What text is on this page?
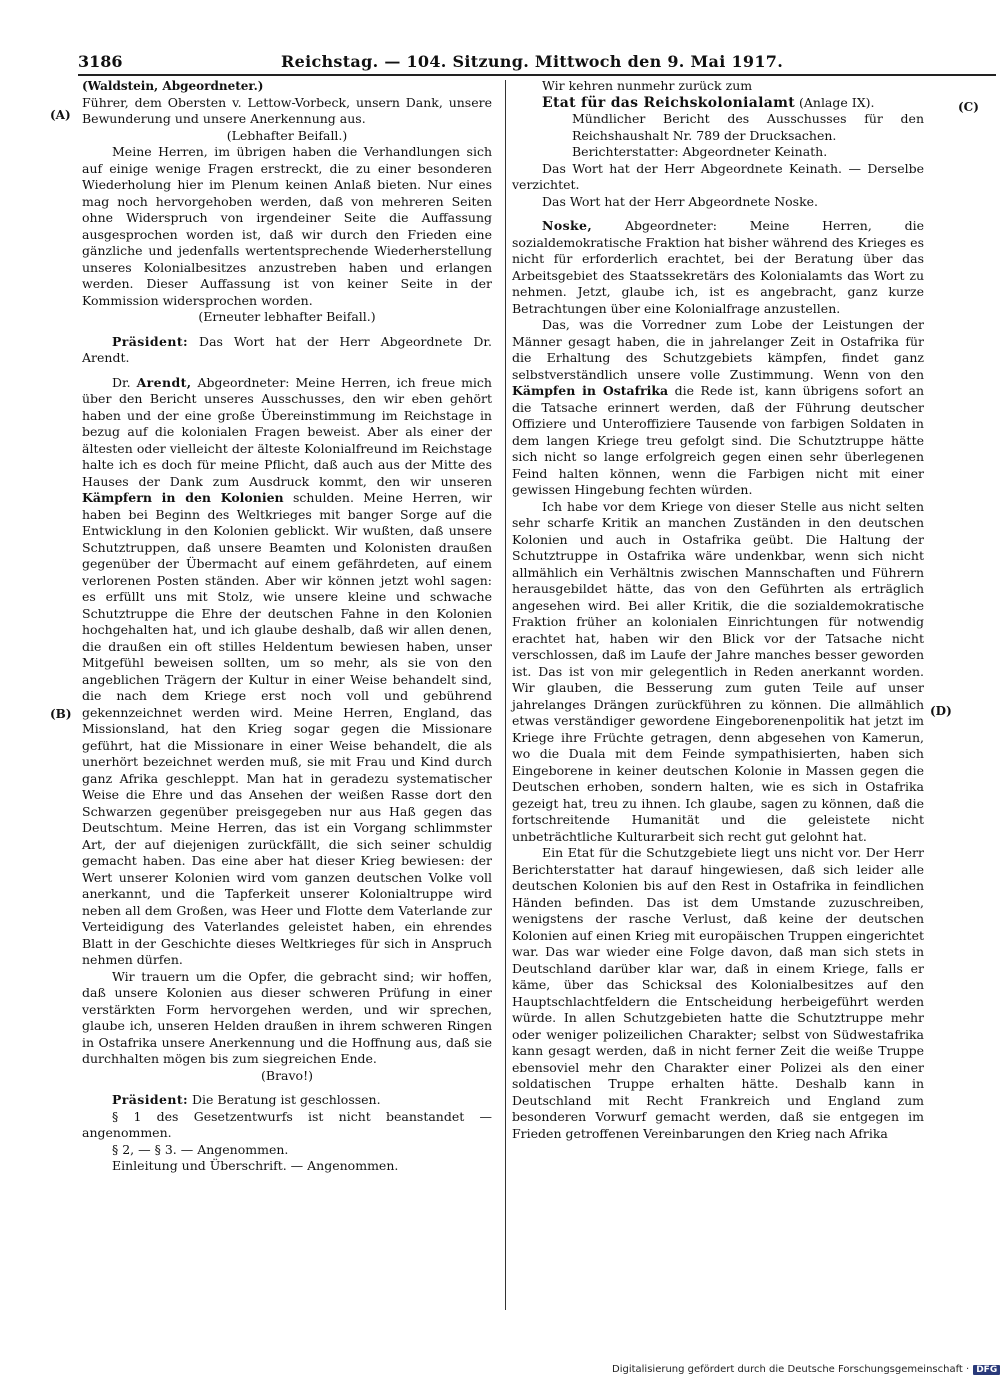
3186	Reichstag. — 104. Sitzung. Mittwoch den 9. Mai 1917.
(A)
(B)
(C)
(D)

(Waldstein, Abgeordneter.)

Führer, dem Obersten v. Lettow-Vorbeck, unsern Dank, unsere Bewunderung und unsere Anerkennung aus.

(Lebhafter Beifall.)

Meine Herren, im übrigen haben die Verhandlungen sich auf einige wenige Fragen erstreckt, die zu einer besonderen Wiederholung hier im Plenum keinen Anlaß bieten. Nur eines mag noch hervorgehoben werden, daß von mehreren Seiten ohne Widerspruch von irgendeiner Seite die Auffassung ausgesprochen worden ist, daß wir durch den Frieden eine gänzliche und jedenfalls wertentsprechende Wiederherstellung unseres Kolonialbesitzes anzustreben haben und erlangen werden. Dieser Auffassung ist von keiner Seite in der Kommission widersprochen worden.

(Erneuter lebhafter Beifall.)

Präsident: Das Wort hat der Herr Abgeordnete Dr. Arendt.

Dr. Arendt, Abgeordneter: Meine Herren, ich freue mich über den Bericht unseres Ausschusses, den wir eben gehört haben und der eine große Übereinstimmung im Reichstage in bezug auf die kolonialen Fragen beweist. Aber als einer der ältesten oder vielleicht der älteste Kolonialfreund im Reichstage halte ich es doch für meine Pflicht, daß auch aus der Mitte des Hauses der Dank zum Ausdruck kommt, den wir unseren Kämpfern in den Kolonien schulden. Meine Herren, wir haben bei Beginn des Weltkrieges mit banger Sorge auf die Entwicklung in den Kolonien geblickt. Wir wußten, daß unsere Schutztruppen, daß unsere Beamten und Kolonisten draußen gegenüber der Übermacht auf einem gefährdeten, auf einem verlorenen Posten ständen. Aber wir können jetzt wohl sagen: es erfüllt uns mit Stolz, wie unsere kleine und schwache Schutztruppe die Ehre der deutschen Fahne in den Kolonien hochgehalten hat, und ich glaube deshalb, daß wir allen denen, die draußen ein oft stilles Heldentum bewiesen haben, unser Mitgefühl beweisen sollten, um so mehr, als sie von den angeblichen Trägern der Kultur in einer Weise behandelt sind, die nach dem Kriege erst noch voll und gebührend gekennzeichnet werden wird. Meine Herren, England, das Missionsland, hat den Krieg sogar gegen die Missionare geführt, hat die Missionare in einer Weise behandelt, die als unerhört bezeichnet werden muß, sie mit Frau und Kind durch ganz Afrika geschleppt. Man hat in geradezu systematischer Weise die Ehre und das Ansehen der weißen Rasse dort den Schwarzen gegenüber preisgegeben nur aus Haß gegen das Deutschtum. Meine Herren, das ist ein Vorgang schlimmster Art, der auf diejenigen zurückfällt, die sich seiner schuldig gemacht haben. Das eine aber hat dieser Krieg bewiesen: der Wert unserer Kolonien wird vom ganzen deutschen Volke voll anerkannt, und die Tapferkeit unserer Kolonialtruppe wird neben all dem Großen, was Heer und Flotte dem Vaterlande zur Verteidigung des Vaterlandes geleistet haben, ein ehrendes Blatt in der Geschichte dieses Weltkrieges für sich in Anspruch nehmen dürfen.

Wir trauern um die Opfer, die gebracht sind; wir hoffen, daß unsere Kolonien aus dieser schweren Prüfung in einer verstärkten Form hervorgehen werden, und wir sprechen, glaube ich, unseren Helden draußen in ihrem schweren Ringen in Ostafrika unsere Anerkennung und die Hoffnung aus, daß sie durchhalten mögen bis zum siegreichen Ende.

(Bravo!)

Präsident: Die Beratung ist geschlossen.

§ 1 des Gesetzentwurfs ist nicht beanstandet — angenommen.

§ 2, — § 3. — Angenommen.

Einleitung und Überschrift. — Angenommen.

Wir kehren nunmehr zurück zum

Etat für das Reichskolonialamt (Anlage IX).

Mündlicher Bericht des Ausschusses für den Reichshaushalt Nr. 789 der Drucksachen.

Berichterstatter: Abgeordneter Keinath.

Das Wort hat der Herr Abgeordnete Keinath. — Derselbe verzichtet.

Das Wort hat der Herr Abgeordnete Noske.

Noske,	Abgeordneter: Meine Herren, die sozialdemokratische Fraktion hat bisher während des Krieges es nicht für erforderlich erachtet, bei der Beratung über das Arbeitsgebiet des Staatssekretärs des Kolonialamts das Wort zu nehmen. Jetzt, glaube ich, ist es angebracht, ganz kurze Betrachtungen über eine Kolonialfrage anzustellen.

Das, was die Vorredner zum Lobe der Leistungen der Männer gesagt haben, die in jahrelanger Zeit in Ostafrika für die Erhaltung des Schutzgebiets kämpfen, findet ganz selbstverständlich unsere volle Zustimmung. Wenn von den Kämpfen in Ostafrika die Rede ist, kann übrigens sofort an die Tatsache erinnert werden, daß der Führung deutscher Offiziere und Unteroffiziere Tausende von farbigen Soldaten in dem langen Kriege treu gefolgt sind. Die Schutztruppe hätte sich nicht so lange erfolgreich gegen einen sehr überlegenen Feind halten können, wenn die Farbigen nicht mit einer gewissen Hingebung fechten würden.

Ich habe vor dem Kriege von dieser Stelle aus nicht selten sehr scharfe Kritik an manchen Zuständen in den deutschen Kolonien und auch in Ostafrika geübt. Die Haltung der Schutztruppe in Ostafrika wäre undenkbar, wenn sich nicht allmählich ein Verhältnis zwischen Mannschaften und Führern herausgebildet hätte, das von den Geführten als erträglich angesehen wird. Bei aller Kritik, die die sozialdemokratische Fraktion früher an kolonialen Einrichtungen für notwendig erachtet hat, haben wir den Blick vor der Tatsache nicht verschlossen, daß im Laufe der Jahre manches besser geworden ist. Das ist von mir gelegentlich in Reden anerkannt worden. Wir glauben, die Besserung zum guten Teile auf unser jahrelanges Drängen zurückführen zu können. Die allmählich etwas verständiger gewordene Eingeborenenpolitik hat jetzt im Kriege ihre Früchte getragen, denn abgesehen von Kamerun, wo die Duala mit dem Feinde sympathisierten, haben sich Eingeborene in keiner deutschen Kolonie in Massen gegen die Deutschen erhoben, sondern halten, wie es sich in Ostafrika gezeigt hat, treu zu ihnen. Ich glaube, sagen zu können, daß die fortschreitende Humanität und die geleistete nicht unbeträchtliche Kulturarbeit sich recht gut gelohnt hat.

Ein Etat für die Schutzgebiete liegt uns nicht vor. Der Herr Berichterstatter hat darauf hingewiesen, daß sich leider alle deutschen Kolonien bis auf den Rest in Ostafrika in feindlichen Händen befinden. Das ist dem Umstande zuzuschreiben, wenigstens der rasche Verlust, daß keine der deutschen Kolonien auf einen Krieg mit europäischen Truppen eingerichtet war. Das war wieder eine Folge davon, daß man sich stets in Deutschland darüber klar war, daß in einem Kriege, falls er käme, über das Schicksal des Kolonialbesitzes auf den Hauptschlachtfeldern die Entscheidung herbeigeführt werden würde. In allen Schutzgebieten hatte die Schutztruppe mehr oder weniger polizeilichen Charakter; selbst von Südwestafrika kann gesagt werden, daß in nicht ferner Zeit die weiße Truppe ebensoviel mehr den Charakter einer Polizei als den einer soldatischen Truppe erhalten hätte. Deshalb kann in Deutschland mit Recht Frankreich und England zum besonderen Vorwurf gemacht werden, daß sie entgegen im Frieden getroffenen Vereinbarungen den Krieg nach Afrika

Digitalisierung gefördert durch die Deutsche Forschungsgemeinschaft · DFG
